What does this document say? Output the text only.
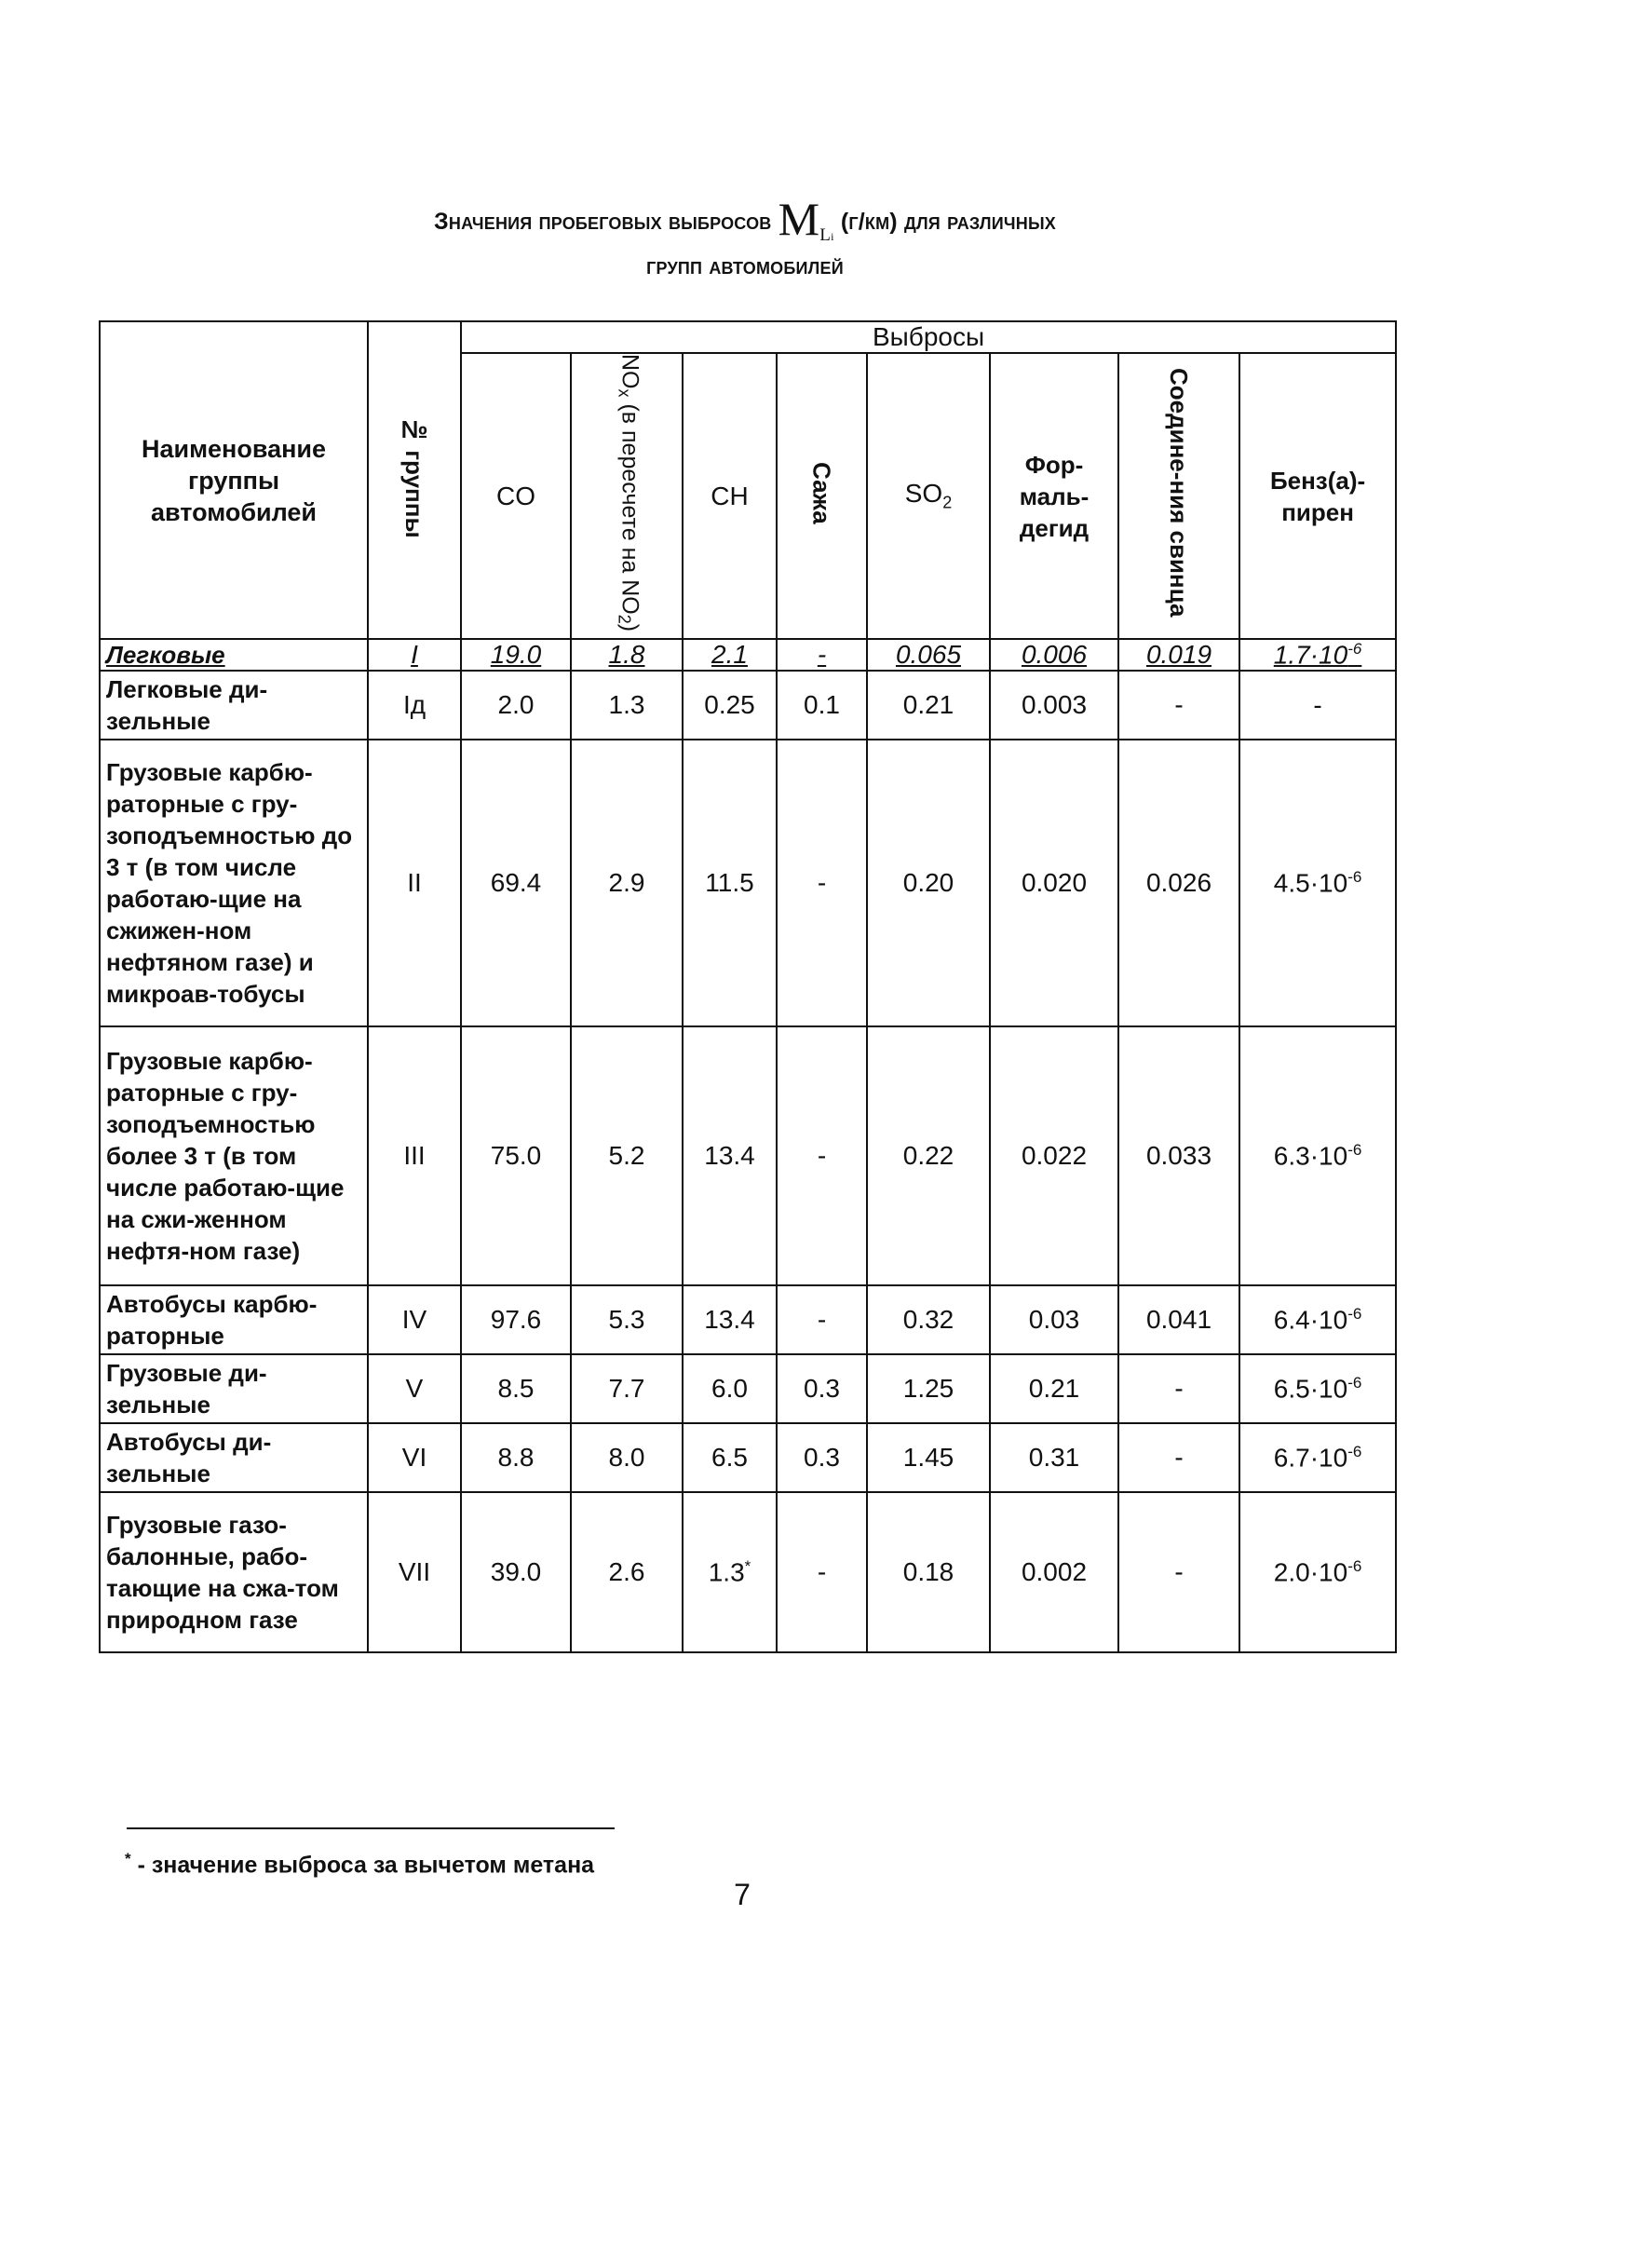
Значения пробеговых выбросов $M_{Li}$ (г/км) для различных
групп автомобилей
Наименование группы автомобилей	№ группы	Выбросы							
		CO	$NO_x$ (в пересчете на $NO_2$)	CH	Сажа	$SO_2$	Фор-маль-дегид	Соедине-ния свинца	Бенз(а)-пирен
Легковые	I	19.0	1.8	2.1	-	0.065	0.006	0.019	$1.7\cdot 10^{-6}$
Легковые ди-зельные	Iд	2.0	1.3	0.25	0.1	0.21	0.003	-	-
Грузовые карбю-раторные с гру-зоподъемностью до 3 т (в том числе работаю-щие на сжижен-ном нефтяном газе) и микроав-тобусы	II	69.4	2.9	11.5	-	0.20	0.020	0.026	$4.5\cdot 10^{-6}$
Грузовые карбю-раторные с гру-зоподъемностью более 3 т (в том числе работаю-щие на сжи-женном нефтя-ном газе)	III	75.0	5.2	13.4	-	0.22	0.022	0.033	$6.3\cdot 10^{-6}$
Автобусы карбю-раторные	IV	97.6	5.3	13.4	-	0.32	0.03	0.041	$6.4\cdot 10^{-6}$
Грузовые ди-зельные	V	8.5	7.7	6.0	0.3	1.25	0.21	-	$6.5\cdot 10^{-6}$
Автобусы ди-зельные	VI	8.8	8.0	6.5	0.3	1.45	0.31	-	$6.7\cdot 10^{-6}$
Грузовые газо-балонные, рабо-тающие на сжа-том природном газе	VII	39.0	2.6	1.3*	-	0.18	0.002	-	$2.0\cdot 10^{-6}$
* - значение выброса за вычетом метана
7
